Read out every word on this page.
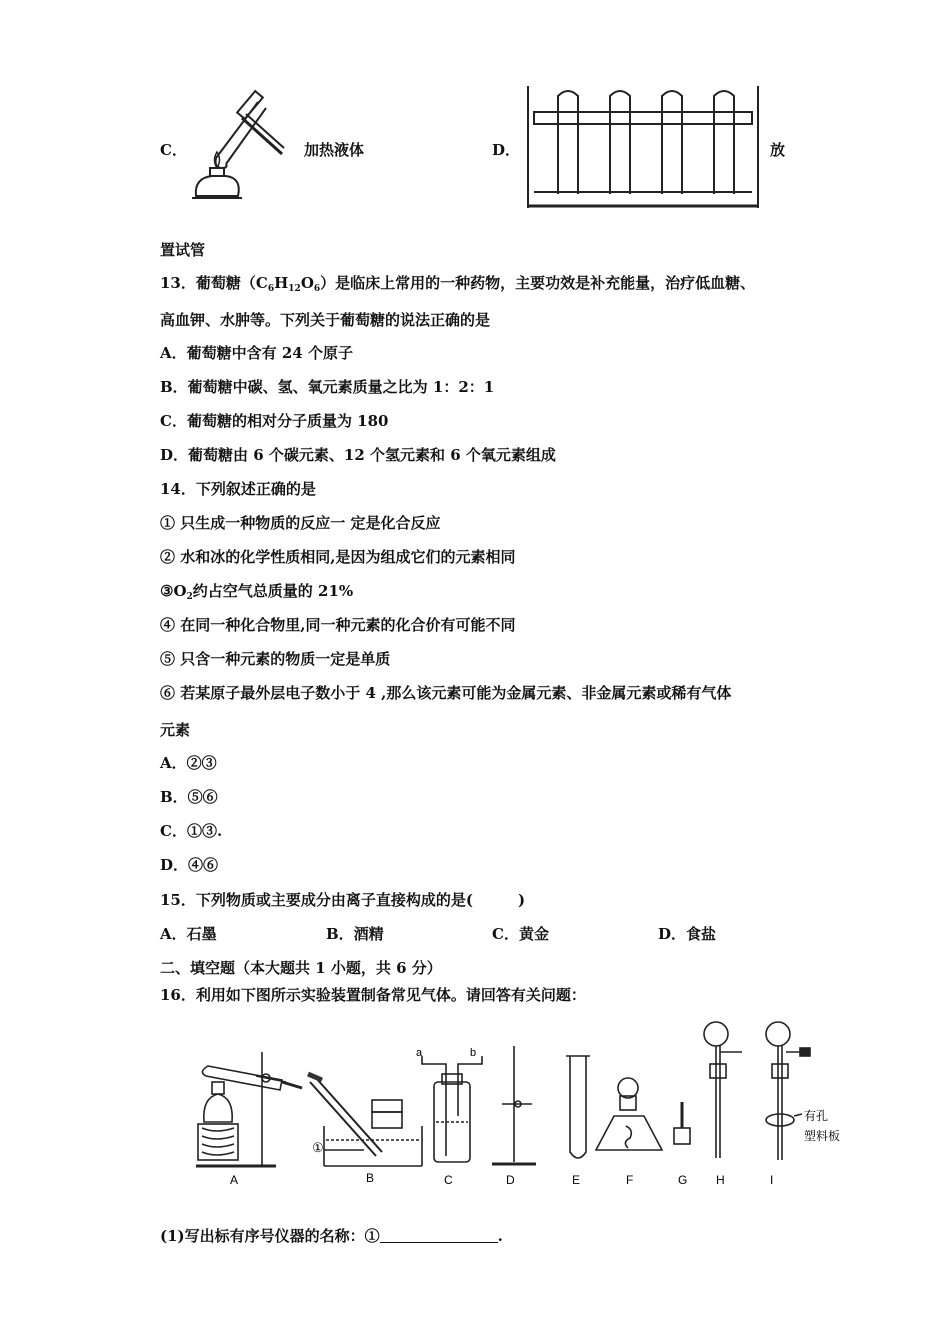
C．	加热液体	D．	放
置试管
13．葡萄糖$(C_6H_{12}O_6)$是临床上常用的一种药物，主要功效是补充能量，治疗低血糖、
高血钾、水肿等。下列关于葡萄糖的说法正确的是
A．葡萄糖中含有 24 个原子
B．葡萄糖中碳、氢、氧元素质量之比为 1：2：1
C．葡萄糖的相对分子质量为 180
D．葡萄糖由 6 个碳元素、12 个氢元素和 6 个氧元素组成
14．下列叙述正确的是
① 只生成一种物质的反应一 定是化合反应
② 水和冰的化学性质相同,是因为组成它们的元素相同
$③O_2$约占空气总质量的 21%
④ 在同一种化合物里,同一种元素的化合价有可能不同
⑤ 只含一种元素的物质一定是单质
⑥ 若某原子最外层电子数小于 4 ,那么该元素可能为金属元素、非金属元素或稀有气体
元素
A．②③
B．⑤⑥
C．①③.
D．④⑥
15．下列物质或主要成分由离子直接构成的是(　　　)
A．石墨	B．酒精	C．黄金	D．食盐
二、填空题（本大题共 1 小题，共 6 分）
16．利用如下图所示实验装置制备常见气体。请回答有关问题：
①
a	b
有孔
塑料板
A	B	C	D	E	F	G H	I
(1)写出标有序号仪器的名称：①	.
